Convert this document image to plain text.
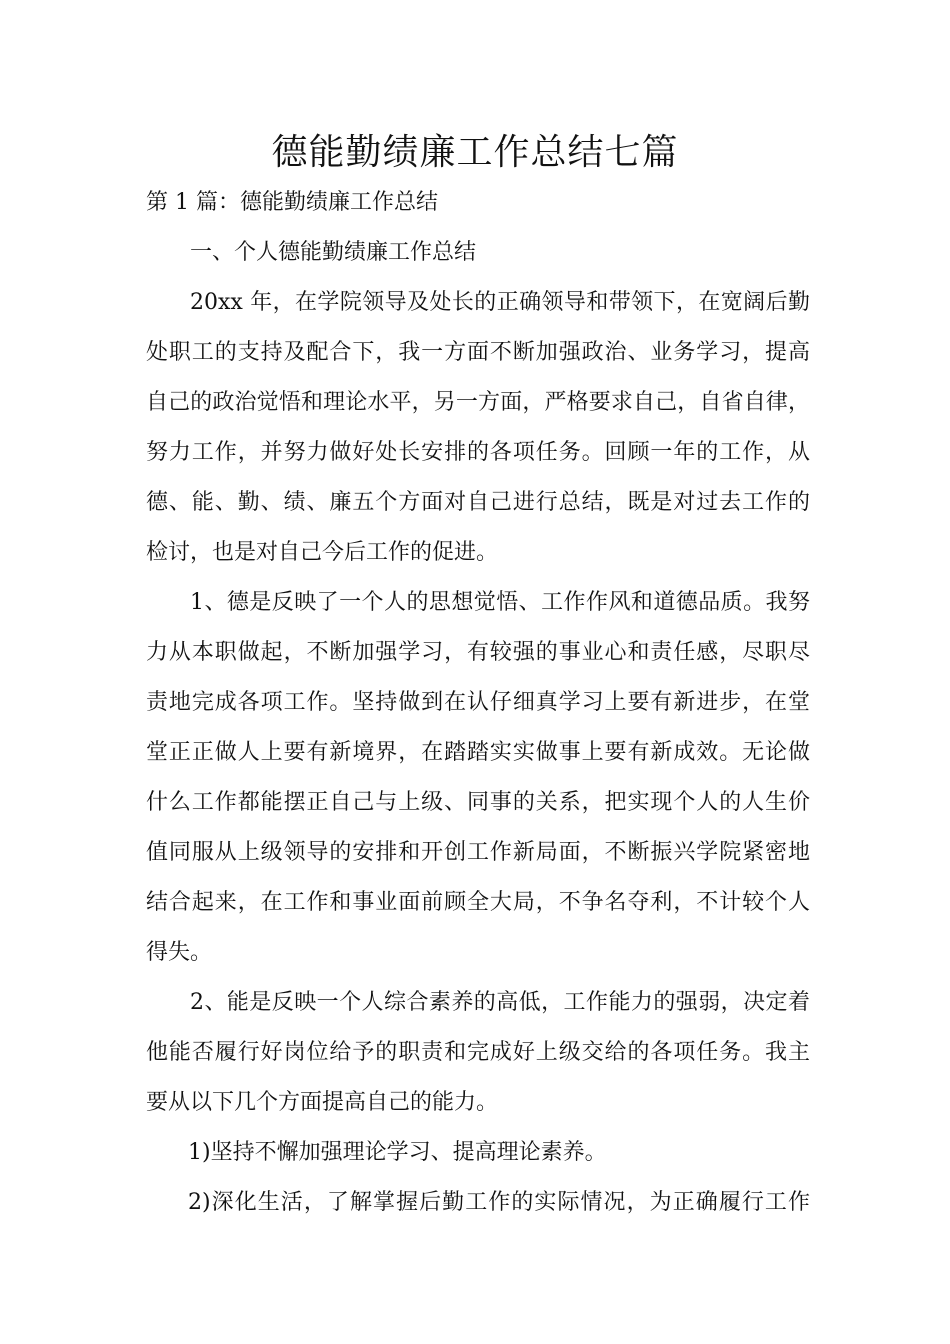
德能勤绩廉工作总结七篇
第 1 篇：德能勤绩廉工作总结
一、个人德能勤绩廉工作总结
20xx 年，在学院领导及处长的正确领导和带领下，在宽阔后勤
处职工的支持及配合下，我一方面不断加强政治、业务学习，提高
自己的政治觉悟和理论水平，另一方面，严格要求自己，自省自律，
努力工作，并努力做好处长安排的各项任务。回顾一年的工作，从
德、能、勤、绩、廉五个方面对自己进行总结，既是对过去工作的
检讨，也是对自己今后工作的促进。
1、德是反映了一个人的思想觉悟、工作作风和道德品质。我努
力从本职做起，不断加强学习，有较强的事业心和责任感，尽职尽
责地完成各项工作。坚持做到在认仔细真学习上要有新进步，在堂
堂正正做人上要有新境界，在踏踏实实做事上要有新成效。无论做
什么工作都能摆正自己与上级、同事的关系，把实现个人的人生价
值同服从上级领导的安排和开创工作新局面，不断振兴学院紧密地
结合起来，在工作和事业面前顾全大局，不争名夺利，不计较个人
得失。
2、能是反映一个人综合素养的高低，工作能力的强弱，决定着
他能否履行好岗位给予的职责和完成好上级交给的各项任务。我主
要从以下几个方面提高自己的能力。
1)坚持不懈加强理论学习、提高理论素养。
2)深化生活，了解掌握后勤工作的实际情况，为正确履行工作
